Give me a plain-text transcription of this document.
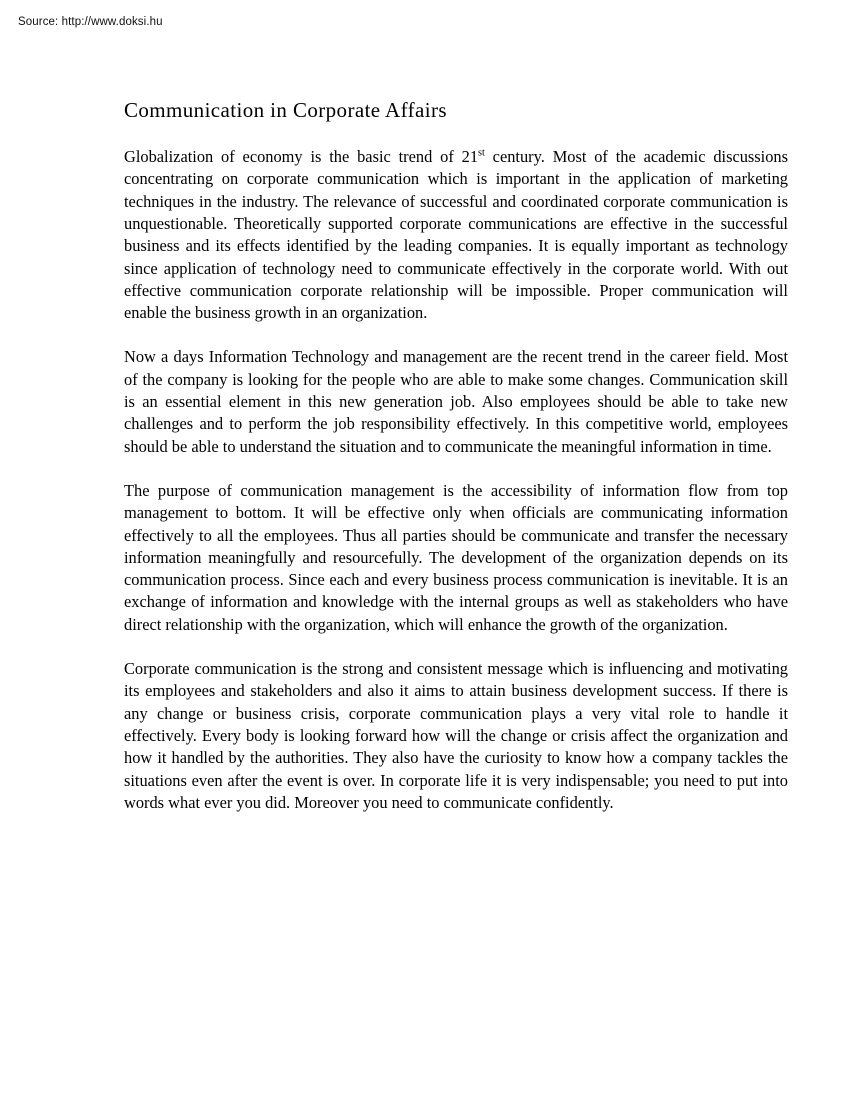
Source: http://www.doksi.hu
Communication in Corporate Affairs

Globalization of economy is the basic trend of 21st century. Most of the academic discussions concentrating on corporate communication which is important in the application of marketing techniques in the industry. The relevance of successful and coordinated corporate communication is unquestionable. Theoretically supported corporate communications are effective in the successful business and its effects identified by the leading companies. It is equally important as technology since application of technology need to communicate effectively in the corporate world. With out effective communication corporate relationship will be impossible. Proper communication will enable the business growth in an organization.

Now a days Information Technology and management are the recent trend in the career field. Most of the company is looking for the people who are able to make some changes. Communication skill is an essential element in this new generation job. Also employees should be able to take new challenges and to perform the job responsibility effectively. In this competitive world, employees should be able to understand the situation and to communicate the meaningful information in time.

The purpose of communication management is the accessibility of information flow from top management to bottom. It will be effective only when officials are communicating information effectively to all the employees. Thus all parties should be communicate and transfer the necessary information meaningfully and resourcefully. The development of the organization depends on its communication process. Since each and every business process communication is inevitable. It is an exchange of information and knowledge with the internal groups as well as stakeholders who have direct relationship with the organization, which will enhance the growth of the organization.

Corporate communication is the strong and consistent message which is influencing and motivating its employees and stakeholders and also it aims to attain business development success. If there is any change or business crisis, corporate communication plays a very vital role to handle it effectively. Every body is looking forward how will the change or crisis affect the organization and how it handled by the authorities. They also have the curiosity to know how a company tackles the situations even after the event is over. In corporate life it is very indispensable; you need to put into words what ever you did. Moreover you need to communicate confidently.
